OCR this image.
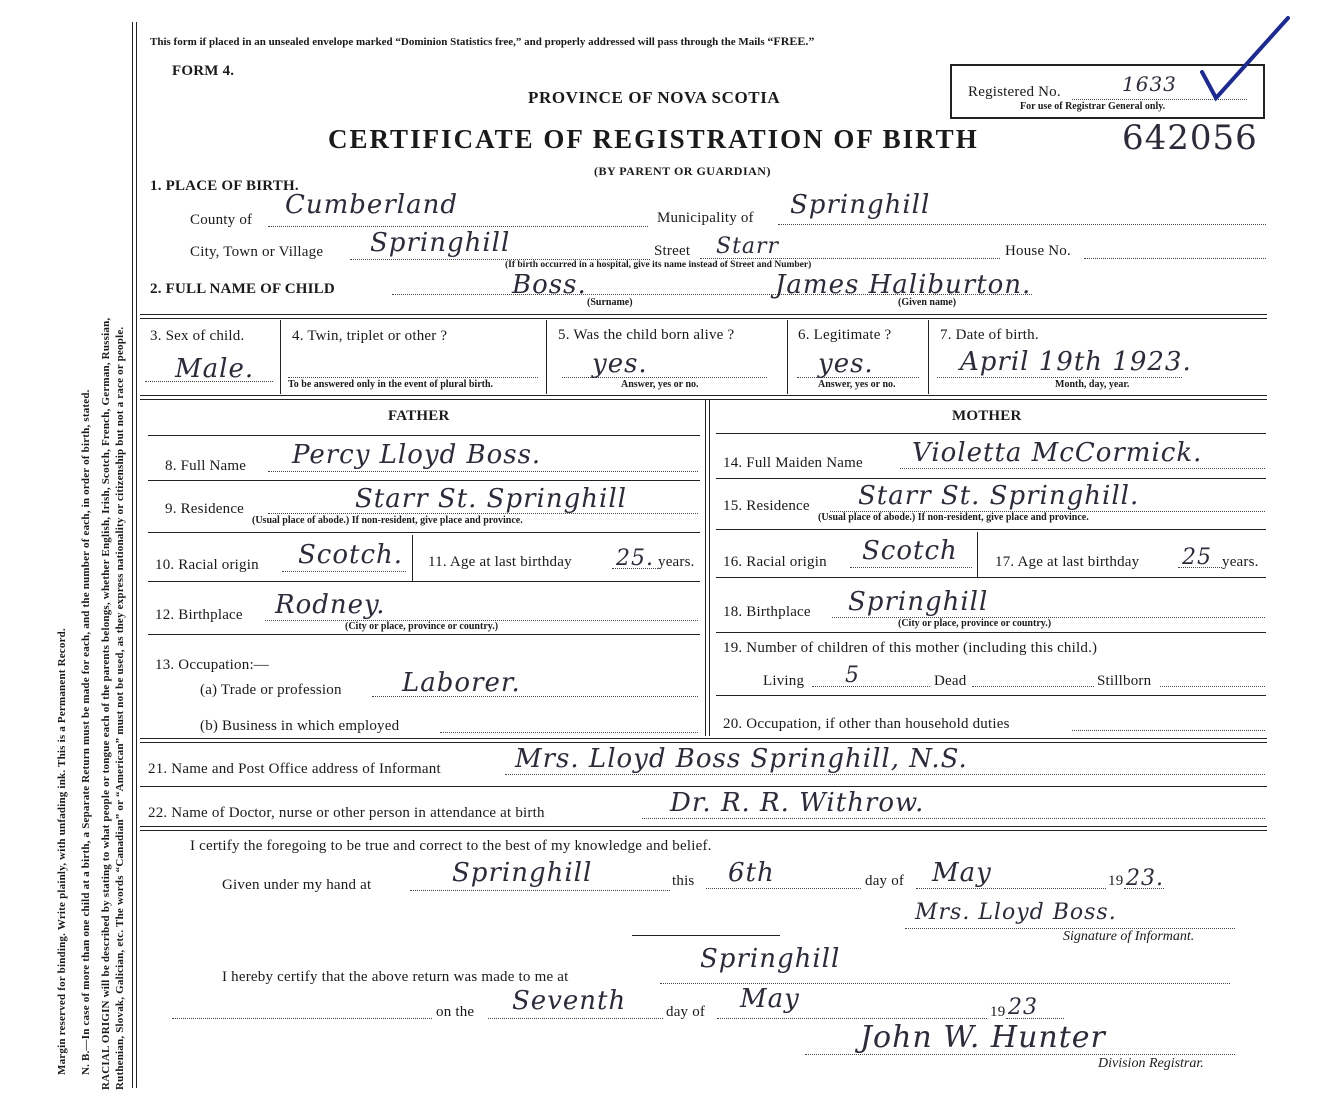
Margin reserved for binding. Write plainly, with unfading ink. This is a Permanent Record. N. B.—In case of more than one child at a birth, a Separate Return must be made for each, and the number of each, in order of birth, stated. RACIAL ORIGIN will be described by stating to what people or tongue each of the parents belongs, whether English, Irish, Scotch, French, German, Russian, Ruthenian, Slovak, Galician, etc. The words “Canadian” or “American” must not be used, as they express nationality or citizenship but not a race or people.
This form if placed in an unsealed envelope marked “Dominion Statistics free,” and properly addressed will pass through the Mails “FREE.”
FORM 4.
PROVINCE OF NOVA SCOTIA
CERTIFICATE OF REGISTRATION OF BIRTH
(BY PARENT OR GUARDIAN)
Registered No.	1633
For use of Registrar General only.
642056
1. PLACE OF BIRTH.
County of Cumberland	Municipality of Springhill
City, Town or Village Springhill	Street Starr	House No.
(If birth occurred in a hospital, give its name instead of Street and Number)
2. FULL NAME OF CHILD	Boss.
(Surname)
James Haliburton.
(Given name)
3. Sex of child.
Male.
4. Twin, triplet or other ?
To be answered only in the event of plural birth.
5. Was the child born alive ?
yes.
Answer, yes or no.
6. Legitimate ?
yes.
Answer, yes or no.
7. Date of birth.
April 19th 1923.
Month, day, year.
FATHER	MOTHER
8. Full Name Percy Lloyd Boss.
9. Residence	Starr St. Springhill
(Usual place of abode.) If non-resident, give place and province.
10. Racial origin Scotch. 11. Age at last birthday 25. years.
12. Birthplace Rodney.
(City or place, province or country.)
13. Occupation:—
(a) Trade or profession Laborer.
(b) Business in which employed
14. Full Maiden Name Violetta McCormick.
15. Residence Starr St. Springhill.
(Usual place of abode.) If non-resident, give place and province.
16. Racial origin Scotch 17. Age at last birthday 25 years.
18. Birthplace Springhill
(City or place, province or country.)
19. Number of children of this mother (including this child.)
Living 5	Dead	Stillborn
20. Occupation, if other than household duties
21. Name and Post Office address of Informant	Mrs. Lloyd Boss Springhill, N.S.
22. Name of Doctor, nurse or other person in attendance at birth	Dr. R. R. Withrow.
I certify the foregoing to be true and correct to the best of my knowledge and belief.
Given under my hand at	Springhill	this 6th	day of May	19 23.
Mrs. Lloyd Boss.
Signature of Informant.
I hereby certify that the above return was made to me at
Springhill
on the Seventh	day of May	19 23
John W. Hunter
Division Registrar.
